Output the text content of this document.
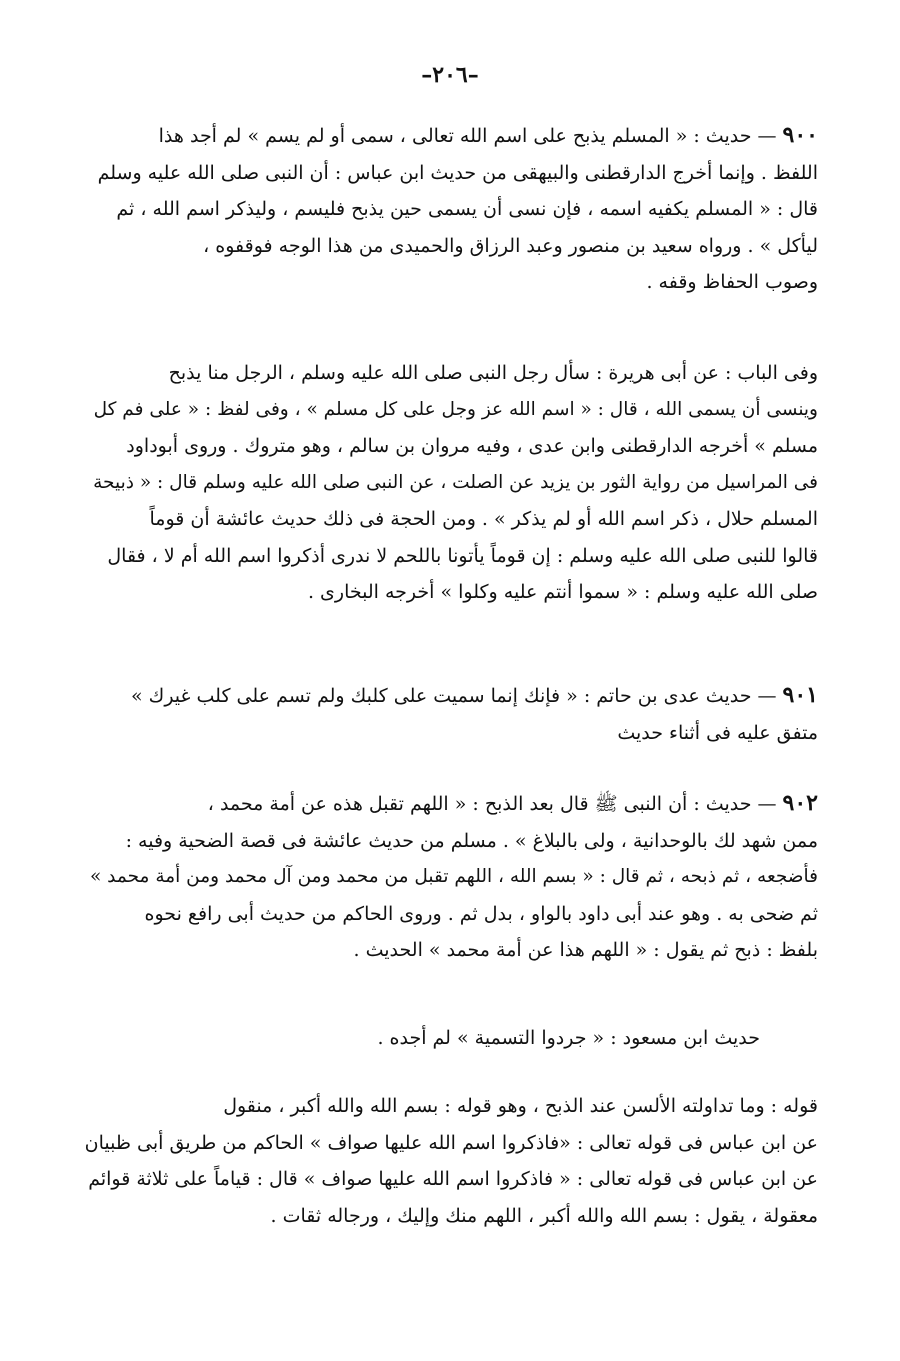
–٢٠٦–
٩٠٠ — حديث : « المسلم يذبح على اسم الله تعالى ، سمى أو لم يسم » لم أجد هذا
اللفظ . وإنما أخرج الدارقطنى والبيهقى من حديث ابن عباس : أن النبى صلى الله عليه وسلم
قال : « المسلم يكفيه اسمه ، فإن نسى أن يسمى حين يذبح فليسم ، وليذكر اسم الله ، ثم
ليأكل » . ورواه سعيد بن منصور وعبد الرزاق والحميدى من هذا الوجه فوقفوه ،
وصوب الحفاظ وقفه .
وفى الباب : عن أبى هريرة : سأل رجل النبى صلى الله عليه وسلم ، الرجل منا يذبح
وينسى أن يسمى الله ، قال : « اسم الله عز وجل على كل مسلم » ، وفى لفظ : « على فم كل
مسلم » أخرجه الدارقطنى وابن عدى ، وفيه مروان بن سالم ، وهو متروك . وروى أبوداود
فى المراسيل من رواية الثور بن يزيد عن الصلت ، عن النبى صلى الله عليه وسلم قال : « ذبيحة
المسلم حلال ، ذكر اسم الله أو لم يذكر » . ومن الحجة فى ذلك حديث عائشة أن قوماً
قالوا للنبى صلى الله عليه وسلم : إن قوماً يأتونا باللحم لا ندرى أذكروا اسم الله أم لا ، فقال
صلى الله عليه وسلم : « سموا أنتم عليه وكلوا » أخرجه البخارى .
٩٠١ — حديث عدى بن حاتم : « فإنك إنما سميت على كلبك ولم تسم على كلب غيرك »
متفق عليه فى أثناء حديث
٩٠٢ — حديث : أن النبى ﷺ قال بعد الذبح : « اللهم تقبل هذه عن أمة محمد ،
ممن شهد لك بالوحدانية ، ولى بالبلاغ » . مسلم من حديث عائشة فى قصة الضحية وفيه :
فأضجعه ، ثم ذبحه ، ثم قال : « بسم الله ، اللهم تقبل من محمد ومن آل محمد ومن أمة محمد »
ثم ضحى به . وهو عند أبى داود بالواو ، بدل ثم . وروى الحاكم من حديث أبى رافع نحوه
بلفظ : ذبح ثم يقول : « اللهم هذا عن أمة محمد » الحديث .
حديث ابن مسعود : « جردوا التسمية » لم أجده .
قوله : وما تداولته الألسن عند الذبح ، وهو قوله : بسم الله والله أكبر ، منقول
عن ابن عباس فى قوله تعالى : «فاذكروا اسم الله عليها صواف » الحاكم من طريق أبى ظبيان
عن ابن عباس فى قوله تعالى : « فاذكروا اسم الله عليها صواف » قال : قياماً على ثلاثة قوائم
معقولة ، يقول : بسم الله والله أكبر ، اللهم منك وإليك ، ورجاله ثقات .
